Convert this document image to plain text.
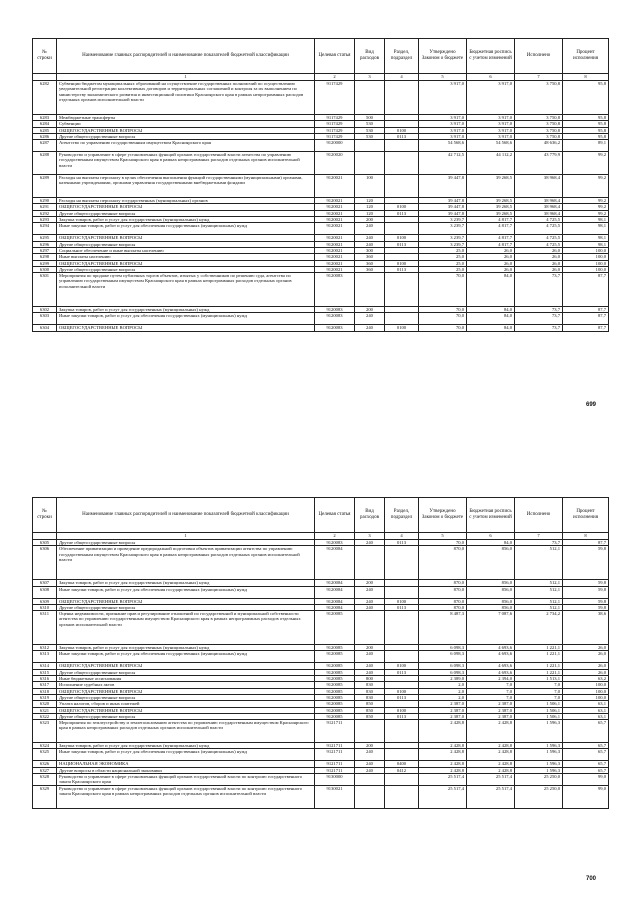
№ строки	Наименование главных распорядителей и наименование показателей бюджетной классификации	Целевая статья	Вид расходов	Раздел, подраздел	Утверждено Законом о бюджете	Бюджетная роспись с учетом изменений	Исполнено	Процент исполнения
	1	2	3	4	5	6	7	8
6282	Субвенции бюджетам муниципальных образований на осуществление государственных полномочий по осуществлению уведомительной регистрации коллективных договоров и территориальных соглашений и контроля за их выполнением по министерству экономического развития и инвестиционной политики Красноярского края в рамках непрограммных расходов отдельных органов исполнительной власти	9117429			3 917,0	3 917,0	3 750,8	95,8
6283	Межбюджетные трансферты	9117429	500		3 917,0	3 917,0	3 750,8	95,8
6284	Субвенции	9117429	530		3 917,0	3 917,0	3 750,8	95,8
6285	ОБЩЕГОСУДАРСТВЕННЫЕ ВОПРОСЫ	9117429	530	0100	3 917,0	3 917,0	3 750,8	95,8
6286	Другие общегосударственные вопросы	9117429	530	0113	3 917,0	3 917,0	3 750,8	95,8
6287	Агентство по управлению государственным имуществом Красноярского края	9120000			54 568,6	54 568,6	48 636,2	89,1
6288	Руководство и управление в сфере установленных функций органов государственной власти агентства по управлению государственным имуществом Красноярского края в рамках непрограммных расходов отдельных органов исполнительной власти	9120020			42 712,5	44 112,2	43 779,9	99,2
6289	Расходы на выплаты персоналу в целях обеспечения выполнения функций государственными (муниципальными) органами, казенными учреждениями, органами управления государственными внебюджетными фондами	9120021	100		39 447,8	39 268,5	38 968,4	99,2
6290	Расходы на выплаты персоналу государственных (муниципальных) органов	9120021	120		39 447,8	39 268,5	38 968,4	99,2
6291	ОБЩЕГОСУДАРСТВЕННЫЕ ВОПРОСЫ	9120021	120	0100	39 447,8	39 268,5	38 968,4	99,2
6292	Другие общегосударственные вопросы	9120021	120	0113	39 447,8	39 268,5	38 968,4	99,2
6293	Закупка товаров, работ и услуг для государственных (муниципальных) нужд	9120021	200		3 239,7	4 817,7	4 725,5	98,1
6294	Иные закупки товаров, работ и услуг для обеспечения государственных (муниципальных) нужд	9120021	240		3 239,7	4 817,7	4 725,5	98,1
6295	ОБЩЕГОСУДАРСТВЕННЫЕ ВОПРОСЫ	9120021	240	0100	3 239,7	4 817,7	4 725,5	98,1
6296	Другие общегосударственные вопросы	9120021	240	0113	3 239,7	4 817,7	4 725,5	98,1
6297	Социальное обеспечение и иные выплаты населению	9120021	300		25,0	26,0	26,0	100,0
6298	Иные выплаты населению	9120021	360		25,0	26,0	26,0	100,0
6299	ОБЩЕГОСУДАРСТВЕННЫЕ ВОПРОСЫ	9120021	360	0100	25,0	26,0	26,0	100,0
6300	Другие общегосударственные вопросы	9120021	360	0113	25,0	26,0	26,0	100,0
6301	Мероприятия по продаже путем публичных торгов объектов, изъятых у собственников по решению суда, агентства по управлению государственным имуществом Красноярского края в рамках непрограммных расходов отдельных органов исполнительной власти	9120083			70,0	84,0	73,7	87,7
6302	Закупка товаров, работ и услуг для государственных (муниципальных) нужд	9120083	200		70,0	84,0	73,7	87,7
6303	Иные закупки товаров, работ и услуг для обеспечения государственных (муниципальных) нужд	9120083	240		70,0	84,0	73,7	87,7
6304	ОБЩЕГОСУДАРСТВЕННЫЕ ВОПРОСЫ	9120083	240	0100	70,0	84,0	73,7	87,7
699
№ строки	Наименование главных распорядителей и наименование показателей бюджетной классификации	Целевая статья	Вид расходов	Раздел, подраздел	Утверждено Законом о бюджете	Бюджетная роспись с учетом изменений	Исполнено	Процент исполнения
	1	2	3	4	5	6	7	8
6305	Другие общегосударственные вопросы	9120083	240	0113	70,0	84,0	73,7	87,7
6306	Обеспечение приватизации и проведение предпродажной подготовки объектов приватизации агентства по управлению государственным имуществом Красноярского края в рамках непрограммных расходов отдельных органов исполнительной власти	9120084			870,0	856,0	512,1	59,8
6307	Закупка товаров, работ и услуг для государственных (муниципальных) нужд	9120084	200		870,0	856,0	512,1	59,8
6308	Иные закупки товаров, работ и услуг для обеспечения государственных (муниципальных) нужд	9120084	240		870,0	856,0	512,1	59,8
6309	ОБЩЕГОСУДАРСТВЕННЫЕ ВОПРОСЫ	9120084	240	0100	870,0	856,0	512,1	59,8
6310	Другие общегосударственные вопросы	9120084	240	0113	870,0	856,0	512,1	59,8
6311	Оценка недвижимости, признание прав и регулирование отношений по государственной и муниципальной собственности агентства по управлению государственным имуществом Красноярского края в рамках непрограммных расходов отдельных органов исполнительной власти	9120085			8 487,3	7 087,6	2 734,2	38,6
6312	Закупка товаров, работ и услуг для государственных (муниципальных) нужд	9120085	200		6 098,3	4 693,6	1 221,1	26,0
6313	Иные закупки товаров, работ и услуг для обеспечения государственных (муниципальных) нужд	9120085	240		6 098,3	4 693,6	1 221,1	26,0
6314	ОБЩЕГОСУДАРСТВЕННЫЕ ВОПРОСЫ	9120085	240	0100	6 098,3	4 693,6	1 221,1	26,0
6315	Другие общегосударственные вопросы	9120085	240	0113	6 098,3	4 693,6	1 221,1	26,0
6316	Иные бюджетные ассигнования	9120085	800		2 389,0	2 394,0	1 513,1	63,2
6317	Исполнение судебных актов	9120085	830		2,0	7,0	7,0	100,0
6318	ОБЩЕГОСУДАРСТВЕННЫЕ ВОПРОСЫ	9120085	830	0100	2,0	7,0	7,0	100,0
6319	Другие общегосударственные вопросы	9120085	830	0113	2,0	7,0	7,0	100,0
6320	Уплата налогов, сборов и иных платежей	9120085	850		2 387,0	2 387,0	1 506,1	63,1
6321	ОБЩЕГОСУДАРСТВЕННЫЕ ВОПРОСЫ	9120085	850	0100	2 387,0	2 387,0	1 506,1	63,1
6322	Другие общегосударственные вопросы	9120085	850	0113	2 387,0	2 387,0	1 506,1	63,1
6323	Мероприятия по землеустройству и землепользованию агентства по управлению государственным имуществом Красноярского края в рамках непрограммных расходов отдельных органов исполнительной власти	9121711			2 428,8	2 428,8	1 596,3	65,7
6324	Закупка товаров, работ и услуг для государственных (муниципальных) нужд	9121711	200		2 428,8	2 428,8	1 596,3	65,7
6325	Иные закупки товаров, работ и услуг для обеспечения государственных (муниципальных) нужд	9121711	240		2 428,8	2 428,8	1 596,3	65,7
6326	НАЦИОНАЛЬНАЯ ЭКОНОМИКА	9121711	240	0400	2 428,8	2 428,8	1 596,3	65,7
6327	Другие вопросы в области национальной экономики	9121711	240	0412	2 428,8	2 428,8	1 596,3	65,7
6328	Руководство и управление в сфере установленных функций органов государственной власти по контролю государственного заказа Красноярского края	9130000			25 517,4	25 517,4	25 250,0	99,0
6329	Руководство и управление в сфере установленных функций органов государственной власти по контролю государственного заказа Красноярского края в рамках непрограммных расходов отдельных органов исполнительной власти	9130021			25 517,4	25 517,4	25 250,0	99,0
700
